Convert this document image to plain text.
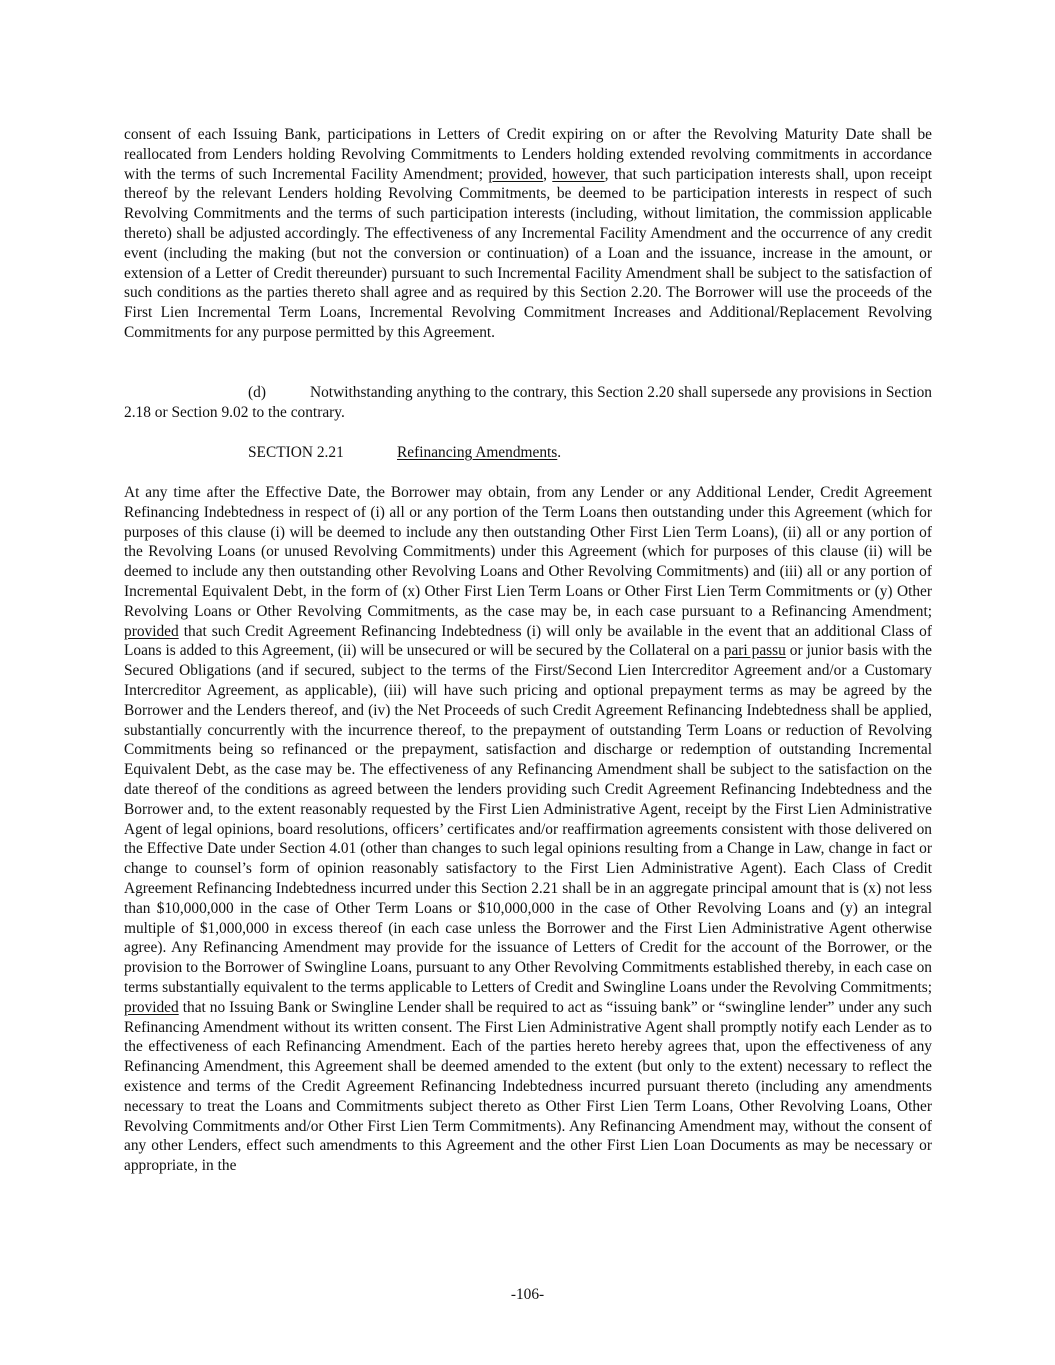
consent of each Issuing Bank, participations in Letters of Credit expiring on or after the Revolving Maturity Date shall be reallocated from Lenders holding Revolving Commitments to Lenders holding extended revolving commitments in accordance with the terms of such Incremental Facility Amendment; provided, however, that such participation interests shall, upon receipt thereof by the relevant Lenders holding Revolving Commitments, be deemed to be participation interests in respect of such Revolving Commitments and the terms of such participation interests (including, without limitation, the commission applicable thereto) shall be adjusted accordingly. The effectiveness of any Incremental Facility Amendment and the occurrence of any credit event (including the making (but not the conversion or continuation) of a Loan and the issuance, increase in the amount, or extension of a Letter of Credit thereunder) pursuant to such Incremental Facility Amendment shall be subject to the satisfaction of such conditions as the parties thereto shall agree and as required by this Section 2.20. The Borrower will use the proceeds of the First Lien Incremental Term Loans, Incremental Revolving Commitment Increases and Additional/Replacement Revolving Commitments for any purpose permitted by this Agreement.

(d)	Notwithstanding anything to the contrary, this Section 2.20 shall supersede any provisions in Section 2.18 or Section 9.02 to the contrary.

SECTION 2.21	Refinancing Amendments.

At any time after the Effective Date, the Borrower may obtain, from any Lender or any Additional Lender, Credit Agreement Refinancing Indebtedness in respect of (i) all or any portion of the Term Loans then outstanding under this Agreement (which for purposes of this clause (i) will be deemed to include any then outstanding Other First Lien Term Loans), (ii) all or any portion of the Revolving Loans (or unused Revolving Commitments) under this Agreement (which for purposes of this clause (ii) will be deemed to include any then outstanding other Revolving Loans and Other Revolving Commitments) and (iii) all or any portion of Incremental Equivalent Debt, in the form of (x) Other First Lien Term Loans or Other First Lien Term Commitments or (y) Other Revolving Loans or Other Revolving Commitments, as the case may be, in each case pursuant to a Refinancing Amendment; provided that such Credit Agreement Refinancing Indebtedness (i) will only be available in the event that an additional Class of Loans is added to this Agreement, (ii) will be unsecured or will be secured by the Collateral on a pari passu or junior basis with the Secured Obligations (and if secured, subject to the terms of the First/Second Lien Intercreditor Agreement and/or a Customary Intercreditor Agreement, as applicable), (iii) will have such pricing and optional prepayment terms as may be agreed by the Borrower and the Lenders thereof, and (iv) the Net Proceeds of such Credit Agreement Refinancing Indebtedness shall be applied, substantially concurrently with the incurrence thereof, to the prepayment of outstanding Term Loans or reduction of Revolving Commitments being so refinanced or the prepayment, satisfaction and discharge or redemption of outstanding Incremental Equivalent Debt, as the case may be. The effectiveness of any Refinancing Amendment shall be subject to the satisfaction on the date thereof of the conditions as agreed between the lenders providing such Credit Agreement Refinancing Indebtedness and the Borrower and, to the extent reasonably requested by the First Lien Administrative Agent, receipt by the First Lien Administrative Agent of legal opinions, board resolutions, officers’ certificates and/or reaffirmation agreements consistent with those delivered on the Effective Date under Section 4.01 (other than changes to such legal opinions resulting from a Change in Law, change in fact or change to counsel’s form of opinion reasonably satisfactory to the First Lien Administrative Agent). Each Class of Credit Agreement Refinancing Indebtedness incurred under this Section 2.21 shall be in an aggregate principal amount that is (x) not less than $10,000,000 in the case of Other Term Loans or $10,000,000 in the case of Other Revolving Loans and (y) an integral multiple of $1,000,000 in excess thereof (in each case unless the Borrower and the First Lien Administrative Agent otherwise agree). Any Refinancing Amendment may provide for the issuance of Letters of Credit for the account of the Borrower, or the provision to the Borrower of Swingline Loans, pursuant to any Other Revolving Commitments established thereby, in each case on terms substantially equivalent to the terms applicable to Letters of Credit and Swingline Loans under the Revolving Commitments; provided that no Issuing Bank or Swingline Lender shall be required to act as “issuing bank” or “swingline lender” under any such Refinancing Amendment without its written consent. The First Lien Administrative Agent shall promptly notify each Lender as to the effectiveness of each Refinancing Amendment. Each of the parties hereto hereby agrees that, upon the effectiveness of any Refinancing Amendment, this Agreement shall be deemed amended to the extent (but only to the extent) necessary to reflect the existence and terms of the Credit Agreement Refinancing Indebtedness incurred pursuant thereto (including any amendments necessary to treat the Loans and Commitments subject thereto as Other First Lien Term Loans, Other Revolving Loans, Other Revolving Commitments and/or Other First Lien Term Commitments). Any Refinancing Amendment may, without the consent of any other Lenders, effect such amendments to this Agreement and the other First Lien Loan Documents as may be necessary or appropriate, in the

-106-
